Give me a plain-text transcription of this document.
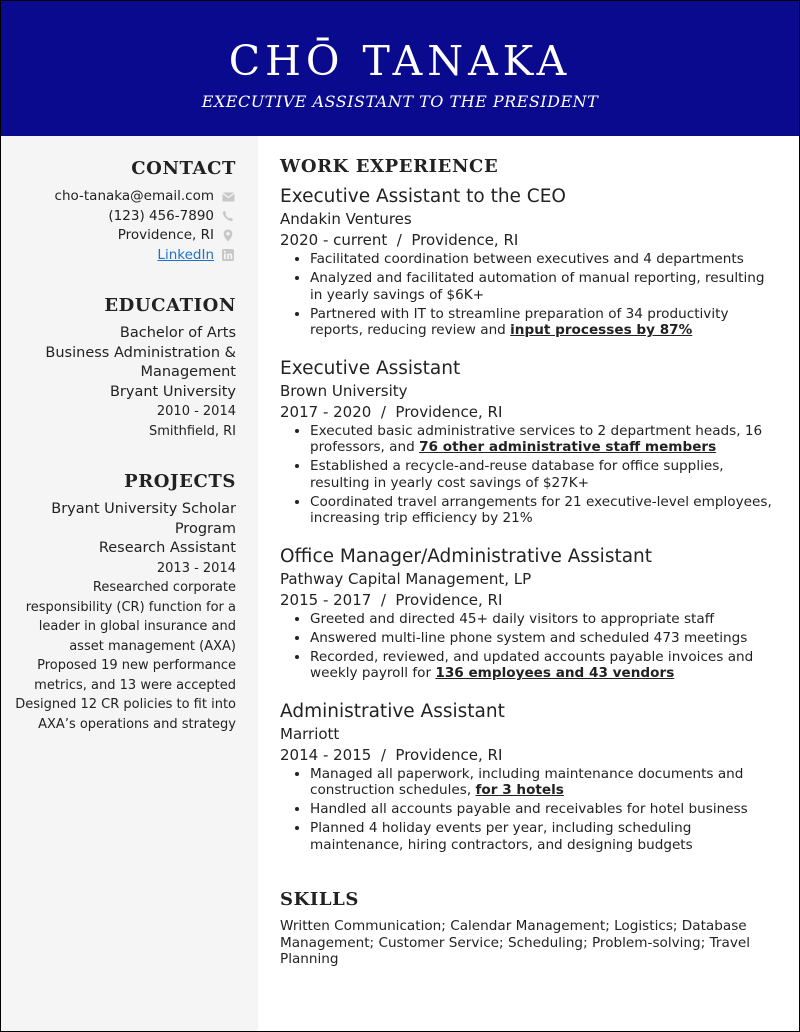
CHŌ TANAKA
EXECUTIVE ASSISTANT TO THE PRESIDENT
CONTACT
cho-tanaka@email.com
(123) 456-7890
Providence, RI
LinkedIn
EDUCATION

Bachelor of Arts

Business Administration & Management

Bryant University

2010 - 2014

Smithfield, RI

PROJECTS

Bryant University Scholar Program

Research Assistant

2013 - 2014

Researched corporate responsibility (CR) function for a leader in global insurance and asset management (AXA)

Proposed 19 new performance metrics, and 13 were accepted

Designed 12 CR policies to fit into AXA’s operations and strategy

WORK EXPERIENCE

Executive Assistant to the CEO

Andakin Ventures

2020 - current  /  Providence, RI

• Facilitated coordination between executives and 4 departments
• Analyzed and facilitated automation of manual reporting, resulting in yearly savings of $6K+
• Partnered with IT to streamline preparation of 34 productivity reports, reducing review and input processes by 87%

Executive Assistant

Brown University

2017 - 2020  /  Providence, RI

• Executed basic administrative services to 2 department heads, 16 professors, and 76 other administrative staff members
• Established a recycle-and-reuse database for office supplies, resulting in yearly cost savings of $27K+
• Coordinated travel arrangements for 21 executive-level employees, increasing trip efficiency by 21%

Office Manager/Administrative Assistant

Pathway Capital Management, LP

2015 - 2017  /  Providence, RI

• Greeted and directed 45+ daily visitors to appropriate staff
• Answered multi-line phone system and scheduled 473 meetings
• Recorded, reviewed, and updated accounts payable invoices and weekly payroll for 136 employees and 43 vendors

Administrative Assistant

Marriott

2014 - 2015  /  Providence, RI

• Managed all paperwork, including maintenance documents and construction schedules, for 3 hotels
• Handled all accounts payable and receivables for hotel business
• Planned 4 holiday events per year, including scheduling maintenance, hiring contractors, and designing budgets
SKILLS

Written Communication; Calendar Management; Logistics; Database Management; Customer Service; Scheduling; Problem-solving; Travel Planning
